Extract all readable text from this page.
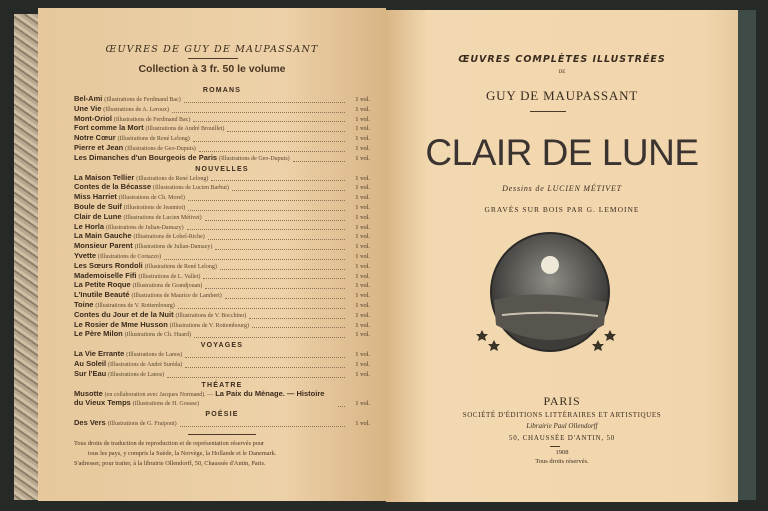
ŒUVRES DE GUY DE MAUPASSANT
Collection à 3 fr. 50 le volume
ROMANS
Bel-Ami (Illustrations de Ferdinand Bac)	1 vol.
Une Vie (Illustrations de A. Leroux)	1 vol.
Mont-Oriol (Illustrations de Ferdinand Bac)	1 vol.
Fort comme la Mort (Illustrations de André Brouillet)	1 vol.
Notre Cœur (Illustrations de René Lelong)	1 vol.
Pierre et Jean (Illustrations de Geo-Dupuis)	1 vol.
Les Dimanches d'un Bourgeois de Paris (Illustrations de Geo-Dupuis)	1 vol.
NOUVELLES
La Maison Tellier (Illustrations de René Lelong)	1 vol.
Contes de la Bécasse (Illustrations de Lucien Barbut)	1 vol.
Miss Harriet (Illustrations de Ch. Morel)	1 vol.
Boule de Suif (Illustrations de Jeanniot)	1 vol.
Clair de Lune (Illustrations de Lucien Métivet)	1 vol.
Le Horla (Illustrations de Julian-Damazy)	1 vol.
La Main Gauche (Illustrations de Lobel-Riche)	1 vol.
Monsieur Parent (Illustrations de Julian-Damazy)	1 vol.
Yvette (Illustrations de Cortazzo)	1 vol.
Les Sœurs Rondoli (Illustrations de René Lelong)	1 vol.
Mademoiselle Fifi (Illustrations de L. Vallet)	1 vol.
La Petite Roque (Illustrations de Grandjouan)	1 vol.
L'Inutile Beauté (Illustrations de Maurice de Lambert)	1 vol.
Toine (Illustrations de V. Rottembourg)	1 vol.
Contes du Jour et de la Nuit (Illustrations de V. Bocchino)	1 vol.
Le Rosier de Mme Husson (Illustrations de V. Rottembourg)	1 vol.
Le Père Milon (Illustrations de Ch. Huard)	1 vol.
VOYAGES
La Vie Errante (Illustrations de Lanos)	1 vol.
Au Soleil (Illustrations de André Suréda)	1 vol.
Sur l'Eau (Illustrations de Lanos)	1 vol.
THÉATRE
Musotte (en collaboration avec Jacques Normand). — La Paix du Ménage. — Histoire du Vieux Temps (Illustrations de H. Gousse)	1 vol.
POÉSIE
Des Vers (Illustrations de G. Fraipont)	1 vol.
Tous droits de traduction de reproduction et de représentation réservés pour
tous les pays, y compris la Suède, la Norvège, la Hollande et le Danemark.
S'adresser, pour traiter, à la librairie Ollendorff, 50, Chaussée d'Antin, Paris.
ŒUVRES COMPLÈTES ILLUSTRÉES
DE
GUY DE MAUPASSANT
CLAIR DE LUNE
Dessins de LUCIEN MÉTIVET
GRAVÉS SUR BOIS PAR G. LEMOINE
PARIS
SOCIÉTÉ D'ÉDITIONS LITTÉRAIRES ET ARTISTIQUES
Librairie Paul Ollendorff
50, CHAUSSÉE D'ANTIN, 50
1908
Tous droits réservés.
